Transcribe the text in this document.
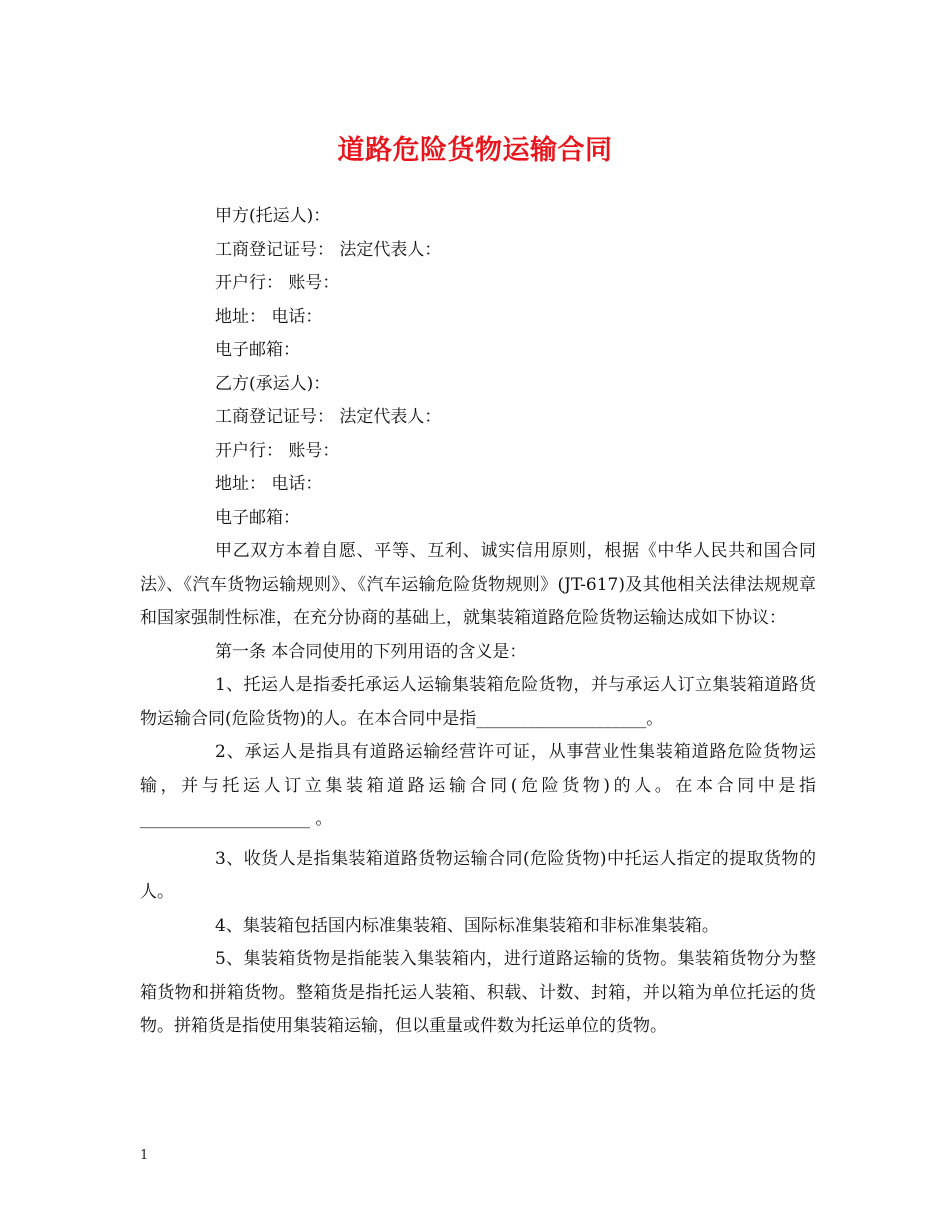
道路危险货物运输合同
甲方(托运人)：
工商登记证号： 法定代表人：
开户行： 账号：
地址： 电话：
电子邮箱：
乙方(承运人)：
工商登记证号： 法定代表人：
开户行： 账号：
地址： 电话：
电子邮箱：

甲乙双方本着自愿、平等、互利、诚实信用原则，根据《中华人民共和国合同法》、《汽车货物运输规则》、《汽车运输危险货物规则》(JT-617)及其他相关法律法规规章和国家强制性标准，在充分协商的基础上，就集装箱道路危险货物运输达成如下协议：

第一条 本合同使用的下列用语的含义是：

1、托运人是指委托承运人运输集装箱危险货物，并与承运人订立集装箱道路货物运输合同(危险货物)的人。在本合同中是指____________________。

2、承运人是指具有道路运输经营许可证，从事营业性集装箱道路危险货物运输，并与托运人订立集装箱道路运输合同(危险货物)的人。在本合同中是指 ____________________ 。

3、收货人是指集装箱道路货物运输合同(危险货物)中托运人指定的提取货物的人。

4、集装箱包括国内标准集装箱、国际标准集装箱和非标准集装箱。

5、集装箱货物是指能装入集装箱内，进行道路运输的货物。集装箱货物分为整箱货物和拼箱货物。整箱货是指托运人装箱、积载、计数、封箱，并以箱为单位托运的货物。拼箱货是指使用集装箱运输，但以重量或件数为托运单位的货物。

1
